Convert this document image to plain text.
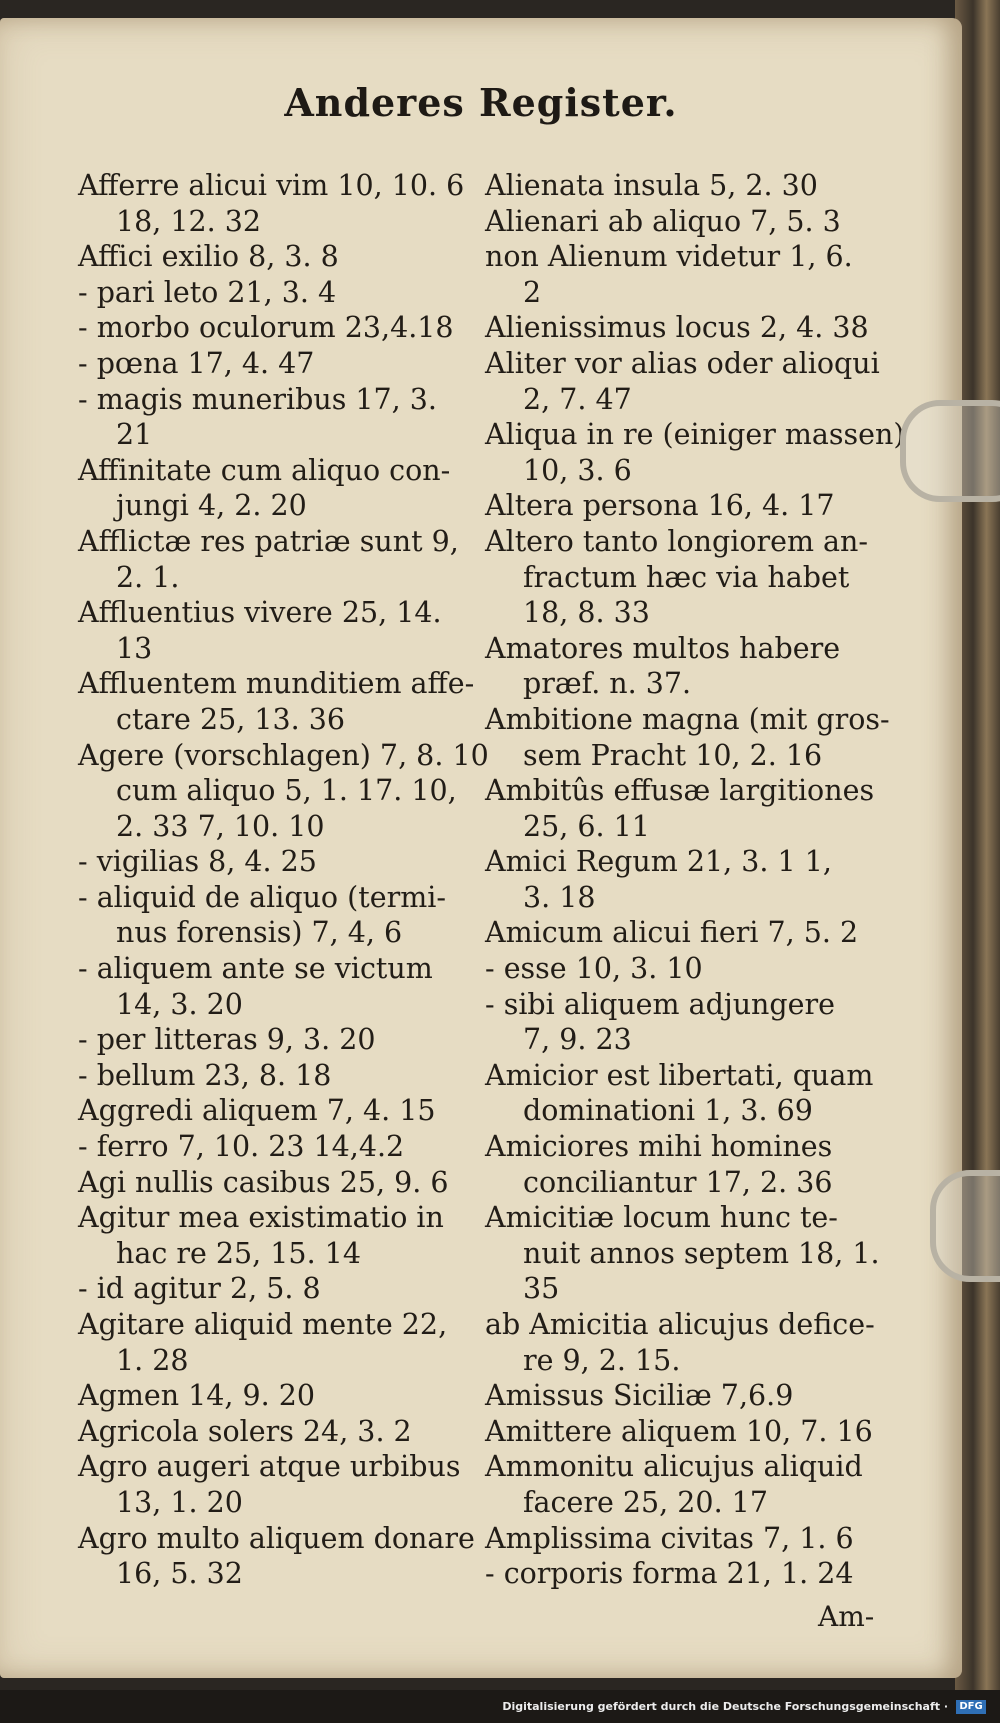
Anderes Register.
Afferre alicui vim 10, 10. 6
18, 12. 32
Affici exilio 8, 3. 8
- pari leto 21, 3. 4
- morbo oculorum 23,4.18
- pœna 17, 4. 47
- magis muneribus 17, 3.
21
Affinitate cum aliquo con-
jungi 4, 2. 20
Afflictæ res patriæ sunt 9,
2. 1.
Affluentius vivere 25, 14.
13
Affluentem munditiem affe-
ctare 25, 13. 36
Agere (vorschlagen) 7, 8. 10
cum aliquo 5, 1. 17. 10,
2. 33 7, 10. 10
- vigilias 8, 4. 25
- aliquid de aliquo (termi-
nus forensis) 7, 4, 6
- aliquem ante se victum
14, 3. 20
- per litteras 9, 3. 20
- bellum 23, 8. 18
Aggredi aliquem 7, 4. 15
- ferro 7, 10. 23 14,4.2
Agi nullis casibus 25, 9. 6
Agitur mea existimatio in
hac re 25, 15. 14
- id agitur 2, 5. 8
Agitare aliquid mente 22,
1. 28
Agmen 14, 9. 20
Agricola solers 24, 3. 2
Agro augeri atque urbibus
13, 1. 20
Agro multo aliquem donare
16, 5. 32
Alienata insula 5, 2. 30
Alienari ab aliquo 7, 5. 3
non Alienum videtur 1, 6.
2
Alienissimus locus 2, 4. 38
Aliter vor alias oder alioqui
2, 7. 47
Aliqua in re (einiger massen)
10, 3. 6
Altera persona 16, 4. 17
Altero tanto longiorem an-
fractum hæc via habet
18, 8. 33
Amatores multos habere
præf. n. 37.
Ambitione magna (mit gros-
sem Pracht 10, 2. 16
Ambitûs effusæ largitiones
25, 6. 11
Amici Regum 21, 3. 1 1,
3. 18
Amicum alicui fieri 7, 5. 2
- esse 10, 3. 10
- sibi aliquem adjungere
7, 9. 23
Amicior est libertati, quam
dominationi 1, 3. 69
Amiciores mihi homines
conciliantur 17, 2. 36
Amicitiæ locum hunc te-
nuit annos septem 18, 1.
35
ab Amicitia alicujus defice-
re 9, 2. 15.
Amissus Siciliæ 7,6.9
Amittere aliquem 10, 7. 16
Ammonitu alicujus aliquid
facere 25, 20. 17
Amplissima civitas 7, 1. 6
- corporis forma 21, 1. 24
Am-
Digitalisierung gefördert durch die Deutsche Forschungsgemeinschaft ·	DFG
